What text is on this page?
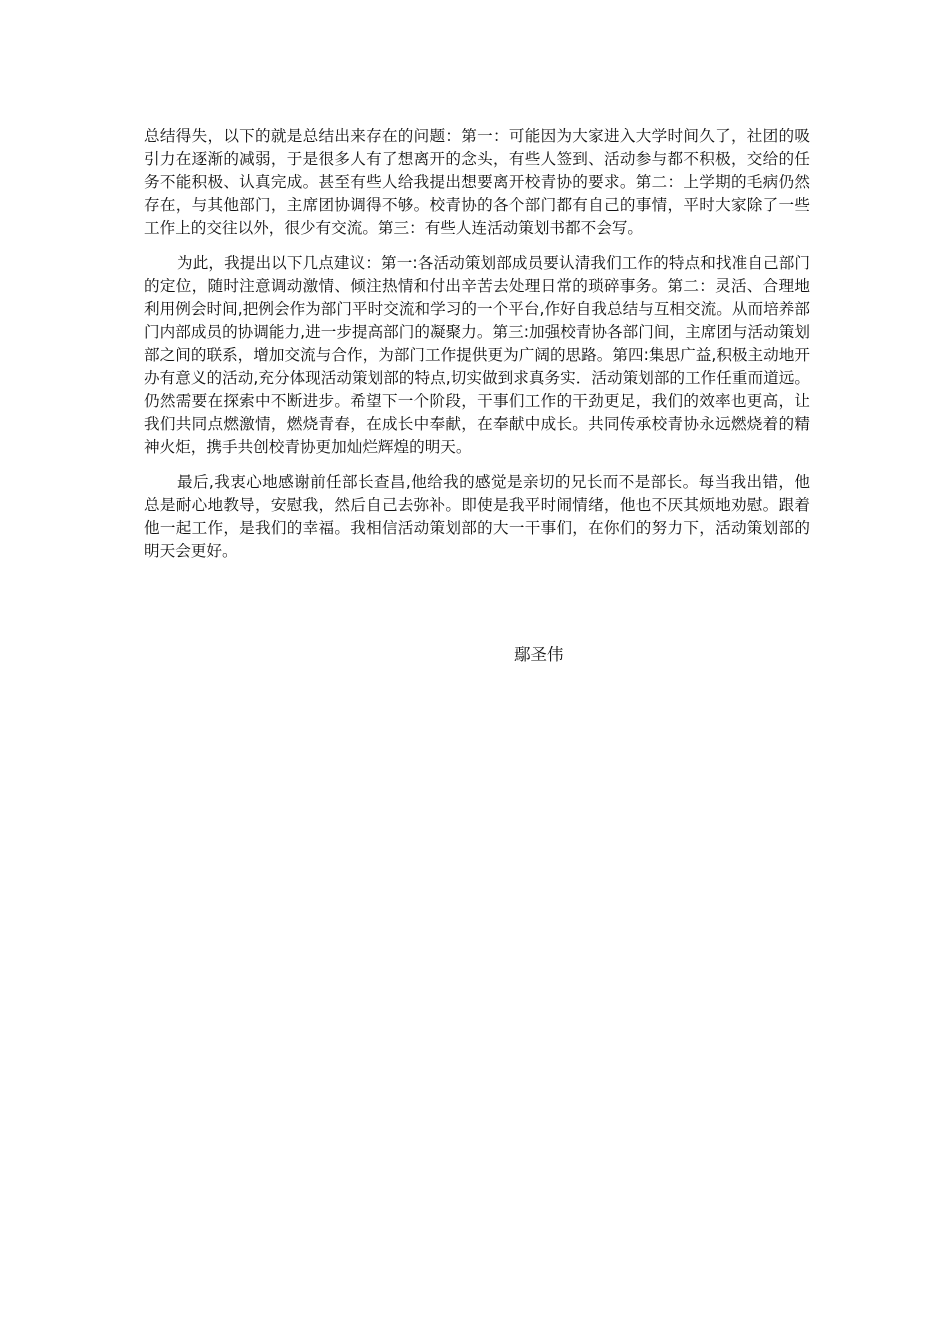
总结得失，以下的就是总结出来存在的问题：第一：可能因为大家进入大学时间久了，社团的吸引力在逐渐的减弱，于是很多人有了想离开的念头，有些人签到、活动参与都不积极，交给的任务不能积极、认真完成。甚至有些人给我提出想要离开校青协的要求。第二：上学期的毛病仍然存在，与其他部门，主席团协调得不够。校青协的各个部门都有自己的事情，平时大家除了一些工作上的交往以外，很少有交流。第三：有些人连活动策划书都不会写。

为此，我提出以下几点建议：第一:各活动策划部成员要认清我们工作的特点和找准自己部门的定位，随时注意调动激情、倾注热情和付出辛苦去处理日常的琐碎事务。第二：灵活、合理地利用例会时间,把例会作为部门平时交流和学习的一个平台,作好自我总结与互相交流。从而培养部门内部成员的协调能力,进一步提高部门的凝聚力。第三:加强校青协各部门间，主席团与活动策划部之间的联系，增加交流与合作，为部门工作提供更为广阔的思路。第四:集思广益,积极主动地开办有意义的活动,充分体现活动策划部的特点,切实做到求真务实．活动策划部的工作任重而道远。仍然需要在探索中不断进步。希望下一个阶段，干事们工作的干劲更足，我们的效率也更高，让我们共同点燃激情，燃烧青春，在成长中奉献，在奉献中成长。共同传承校青协永远燃烧着的精神火炬，携手共创校青协更加灿烂辉煌的明天。

最后,我衷心地感谢前任部长查昌,他给我的感觉是亲切的兄长而不是部长。每当我出错，他总是耐心地教导，安慰我，然后自己去弥补。即使是我平时闹情绪，他也不厌其烦地劝慰。跟着他一起工作，是我们的幸福。我相信活动策划部的大一干事们，在你们的努力下，活动策划部的明天会更好。

鄢圣伟
